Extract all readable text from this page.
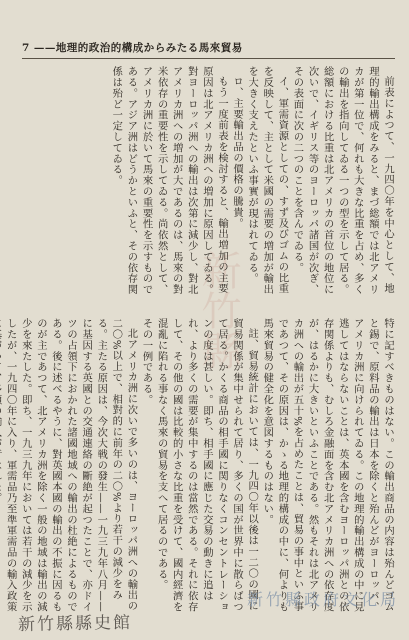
7 ——地理的政治的構成からみたる馬來貿易
新竹縣

前表によつて、一九四〇年を中心として、地理的輸出構成をみると、まづ総額では北アメリカが第一位で、何れも大きな比重を占め、多くの輸出を指向してゐる一つの型を示して居る。総額における比重は北アメリカの首位の地位に次いで、イギリス等のヨーロッパ諸国が次ぎ、その表面に次の二つのことを含んでゐる。

イ、軍需資源としての、すず及びゴムの比重を反映して、主として米國の需要の増加が輸出を大きく支えたといふ事實が現はれてゐる。

ロ、主要輸出品の價格の騰貴。

もう一度前表を検討すると、輸出増加の主要原因は北アメリカ洲への増加に原因してゐる。對ヨーロッパ洲への輸出は次第に減少し、對北アメリカ洲への増加が大であるのは、馬來の對米依存の重要性を示してゐる。尚依然として、アメリカ洲に於いて馬來の重要性を示すものである。アジア洲はどうかといふと、その依存関係は殆ど一定してゐる。

特に記すべきものはない。この輸出商品の内容は殆んどゴムと錫で、原料品の輸出は日本を除くと殆んどがヨーロッパ、アメリカ洲に向けられてゐる。この地理的輸出構成の中に見逃してはならないことは、英本國を含むヨーロッパ洲との依存関係よりも、むしろ金融面を含む北アメリカ洲への依存度が、はるかに大きいといふことである。然もそれは北アメリカ洲への輸出が五十%を占めたことは、貿易の事中といふ事であつて、その原因は、かゝる地理的構成の中に、何よりも馬來貿易の健全化を意図するものはない。

註、貿易統計においては、一九四〇年以後は一二〇の國に貿易関係が集中せられて居り、多くの国が世界中に散らばつて居る。かくる商品の相手國に関りなくコンセントレーションの度は甚しい。即ち、相手國に應じた交易の動きに追はれ、より多くの需要が集中するのは當然である。それに依存して、その他の國は比較的小さな比重を受けて、國内經濟を混亂に陷れる事なく馬來の貿易を支へて居るのである。

その一例である。

北アメリカ洲に次いで多いのは、ヨーロッパ洲への輸出の二〇%以上で、相對的に前年の二〇%より若干の減少をみる。主たる原因は、今次大戦の發生——一九三九年八月——に基因する英國との交通連絡の斷絶が起つたことで、亦ドイツの占領下におかれた諸國地域への輸出の杜絶によるものである。後に述べるやうに、對英國本國の輸出の不振に因るものが主であつて、北アメリカ洲を除く一般の地域は輸出の減少を來たした。即ち、一九三九年においては若干の減少を示したが、一九四〇年に入り、軍需品乃至準軍需品の輸入政策	新竹縣政府文化局
新竹縣縣史館
